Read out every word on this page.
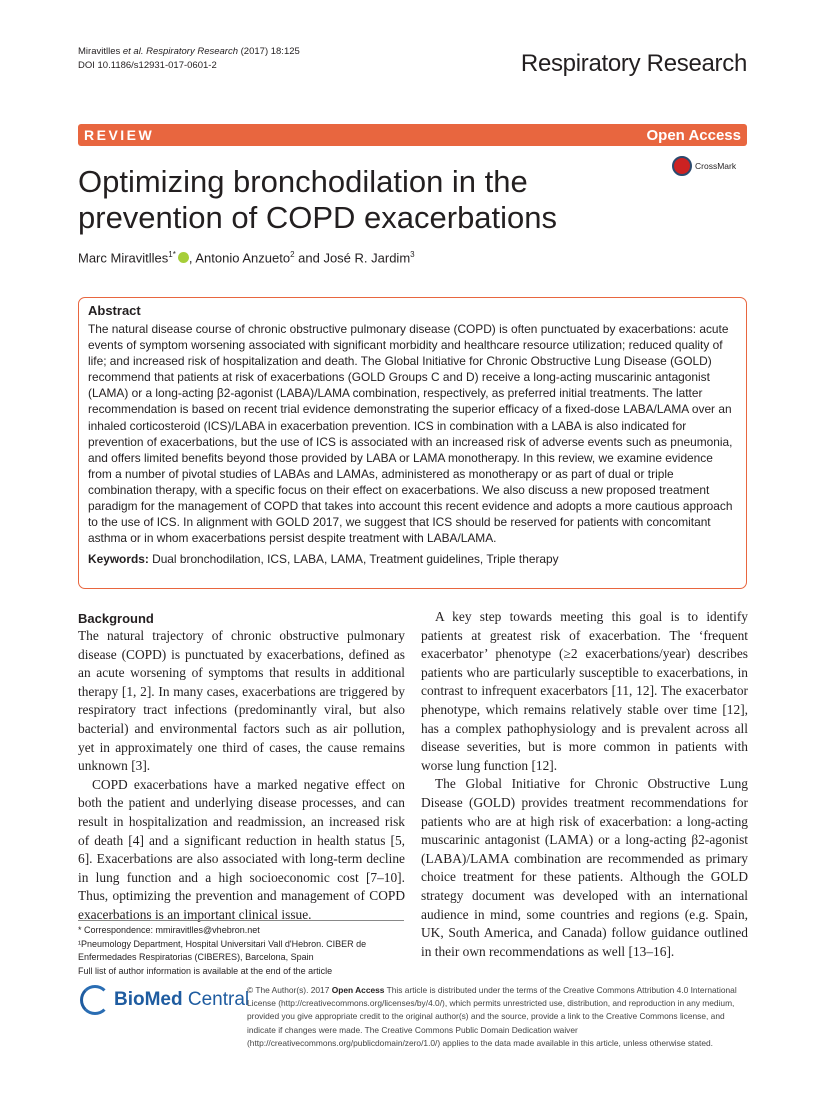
Miravitlles et al. Respiratory Research (2017) 18:125
DOI 10.1186/s12931-017-0601-2	Respiratory Research
REVIEW	Open Access
CrossMark
Optimizing bronchodilation in the prevention of COPD exacerbations
Marc Miravitlles$^{1*}$ , Antonio Anzueto$^2$ and José R. Jardim$^3$
Abstract

The natural disease course of chronic obstructive pulmonary disease (COPD) is often punctuated by exacerbations: acute events of symptom worsening associated with significant morbidity and healthcare resource utilization; reduced quality of life; and increased risk of hospitalization and death. The Global Initiative for Chronic Obstructive Lung Disease (GOLD) recommend that patients at risk of exacerbations (GOLD Groups C and D) receive a long-acting muscarinic antagonist (LAMA) or a long-acting β2-agonist (LABA)/LAMA combination, respectively, as preferred initial treatments. The latter recommendation is based on recent trial evidence demonstrating the superior efficacy of a fixed-dose LABA/LAMA over an inhaled corticosteroid (ICS)/LABA in exacerbation prevention. ICS in combination with a LABA is also indicated for prevention of exacerbations, but the use of ICS is associated with an increased risk of adverse events such as pneumonia, and offers limited benefits beyond those provided by LABA or LAMA monotherapy. In this review, we examine evidence from a number of pivotal studies of LABAs and LAMAs, administered as monotherapy or as part of dual or triple combination therapy, with a specific focus on their effect on exacerbations. We also discuss a new proposed treatment paradigm for the management of COPD that takes into account this recent evidence and adopts a more cautious approach to the use of ICS. In alignment with GOLD 2017, we suggest that ICS should be reserved for patients with concomitant asthma or in whom exacerbations persist despite treatment with LABA/LAMA.

Keywords: Dual bronchodilation, ICS, LABA, LAMA, Treatment guidelines, Triple therapy

Background

The natural trajectory of chronic obstructive pulmonary disease (COPD) is punctuated by exacerbations, defined as an acute worsening of symptoms that results in additional therapy [1, 2]. In many cases, exacerbations are triggered by respiratory tract infections (predominantly viral, but also bacterial) and environmental factors such as air pollution, yet in approximately one third of cases, the cause remains unknown [3].

COPD exacerbations have a marked negative effect on both the patient and underlying disease processes, and can result in hospitalization and readmission, an increased risk of death [4] and a significant reduction in health status [5, 6]. Exacerbations are also associated with long-term decline in lung function and a high socioeconomic cost [7–10]. Thus, optimizing the prevention and management of COPD exacerbations is an important clinical issue.

A key step towards meeting this goal is to identify patients at greatest risk of exacerbation. The ‘frequent exacerbator’ phenotype (≥2 exacerbations/year) describes patients who are particularly susceptible to exacerbations, in contrast to infrequent exacerbators [11, 12]. The exacerbator phenotype, which remains relatively stable over time [12], has a complex pathophysiology and is prevalent across all disease severities, but is more common in patients with worse lung function [12].

The Global Initiative for Chronic Obstructive Lung Disease (GOLD) provides treatment recommendations for patients who are at high risk of exacerbation: a long-acting muscarinic antagonist (LAMA) or a long-acting β2-agonist (LABA)/LAMA combination are recommended as primary choice treatment for these patients. Although the GOLD strategy document was developed with an international audience in mind, some countries and regions (e.g. Spain, UK, South America, and Canada) follow guidance outlined in their own recommendations as well [13–16].

* Correspondence: mmiravitlles@vhebron.net
¹Pneumology Department, Hospital Universitari Vall d'Hebron. CIBER de Enfermedades Respiratorias (CIBERES), Barcelona, Spain
Full list of author information is available at the end of the article
BioMed Central
© The Author(s). 2017 Open Access This article is distributed under the terms of the Creative Commons Attribution 4.0 International License (http://creativecommons.org/licenses/by/4.0/), which permits unrestricted use, distribution, and reproduction in any medium, provided you give appropriate credit to the original author(s) and the source, provide a link to the Creative Commons license, and indicate if changes were made. The Creative Commons Public Domain Dedication waiver (http://creativecommons.org/publicdomain/zero/1.0/) applies to the data made available in this article, unless otherwise stated.
